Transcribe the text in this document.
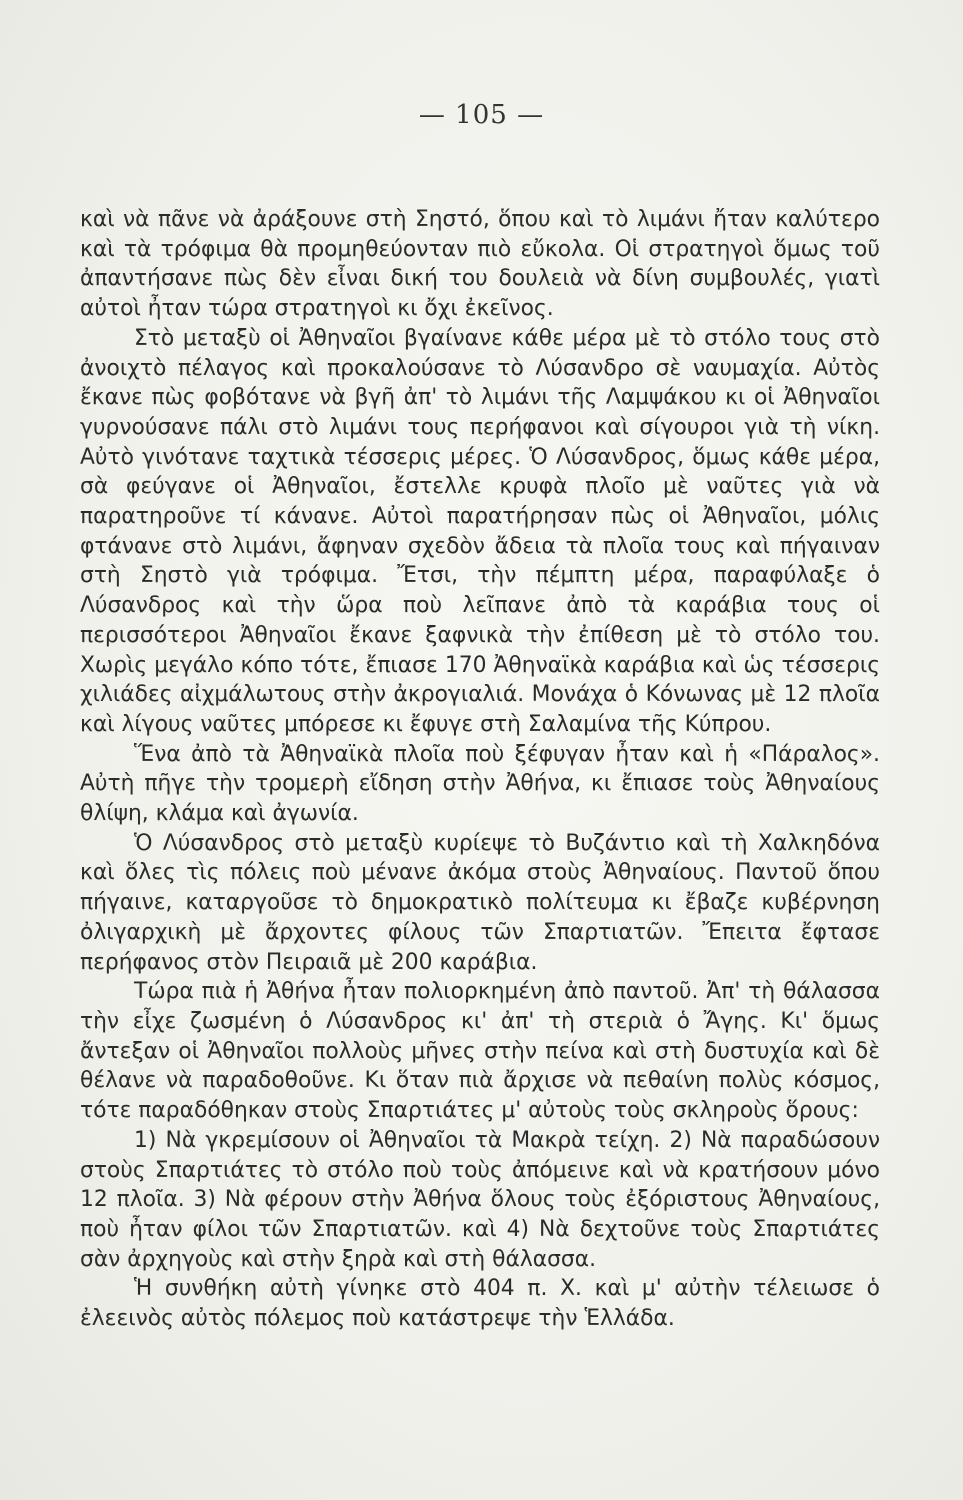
— 105 —

καὶ νὰ πᾶνε νὰ ἀράξουνε στὴ Σηστό, ὅπου καὶ τὸ λιμάνι ἤταν καλύτερο καὶ τὰ τρόφιμα θὰ προμηθεύονταν πιὸ εὔκολα. Οἱ στρατηγοὶ ὅμως τοῦ ἀπαντήσανε πὼς δὲν εἶναι δική του δουλειὰ νὰ δίνη συμβουλές, γιατὶ αὐτοὶ ἦταν τώρα στρατηγοὶ κι ὄχι ἐκεῖνος.

Στὸ μεταξὺ οἱ Ἀθηναῖοι βγαίνανε κάθε μέρα μὲ τὸ στόλο τους στὸ ἀνοιχτὸ πέλαγος καὶ προκαλούσανε τὸ Λύσανδρο σὲ ναυμαχία. Αὐτὸς ἔκανε πὼς φοβότανε νὰ βγῆ ἀπ' τὸ λιμάνι τῆς Λαμψάκου κι οἱ Ἀθηναῖοι γυρνούσανε πάλι στὸ λιμάνι τους περήφανοι καὶ σίγουροι γιὰ τὴ νίκη. Αὐτὸ γινότανε ταχτικὰ τέσσερις μέρες. Ὁ Λύσανδρος, ὅμως κάθε μέρα, σὰ φεύγανε οἱ Ἀθηναῖοι, ἔστελλε κρυφὰ πλοῖο μὲ ναῦτες γιὰ νὰ παρατηροῦνε τί κάνανε. Αὐτοὶ παρατήρησαν πὼς οἱ Ἀθηναῖοι, μόλις φτάνανε στὸ λιμάνι, ἄφηναν σχεδὸν ἄδεια τὰ πλοῖα τους καὶ πήγαιναν στὴ Σηστὸ γιὰ τρόφιμα. Ἔτσι, τὴν πέμπτη μέρα, παραφύλαξε ὁ Λύσανδρος καὶ τὴν ὥρα ποὺ λεῖπανε ἀπὸ τὰ καράβια τους οἱ περισσότεροι Ἀθηναῖοι ἔκανε ξαφνικὰ τὴν ἐπίθεση μὲ τὸ στόλο του. Χωρὶς μεγάλο κόπο τότε, ἔπιασε 170 Ἀθηναϊκὰ καράβια καὶ ὡς τέσσερις χιλιάδες αἰχμάλωτους στὴν ἀκρογιαλιά. Μονάχα ὁ Κόνωνας μὲ 12 πλοῖα καὶ λίγους ναῦτες μπόρεσε κι ἔφυγε στὴ Σαλαμίνα τῆς Κύπρου.

Ἕνα ἀπὸ τὰ Ἀθηναϊκὰ πλοῖα ποὺ ξέφυγαν ἦταν καὶ ἡ «Πάραλος». Αὐτὴ πῆγε τὴν τρομερὴ εἴδηση στὴν Ἀθήνα, κι ἔπιασε τοὺς Ἀθηναίους θλίψη, κλάμα καὶ ἀγωνία.

Ὁ Λύσανδρος στὸ μεταξὺ κυρίεψε τὸ Βυζάντιο καὶ τὴ Χαλκηδόνα καὶ ὅλες τὶς πόλεις ποὺ μένανε ἀκόμα στοὺς Ἀθηναίους. Παντοῦ ὅπου πήγαινε, καταργοῦσε τὸ δημοκρατικὸ πολίτευμα κι ἔβαζε κυβέρνηση ὀλιγαρχικὴ μὲ ἄρχοντες φίλους τῶν Σπαρτιατῶν. Ἔπειτα ἔφτασε περήφανος στὸν Πειραιᾶ μὲ 200 καράβια.

Τώρα πιὰ ἡ Ἀθήνα ἦταν πολιορκημένη ἀπὸ παντοῦ. Ἀπ' τὴ θάλασσα τὴν εἶχε ζωσμένη ὁ Λύσανδρος κι' ἀπ' τὴ στεριὰ ὁ Ἄγης. Κι' ὅμως ἄντεξαν οἱ Ἀθηναῖοι πολλοὺς μῆνες στὴν πείνα καὶ στὴ δυστυχία καὶ δὲ θέλανε νὰ παραδοθοῦνε. Κι ὅταν πιὰ ἄρχισε νὰ πεθαίνη πολὺς κόσμος, τότε παραδόθηκαν στοὺς Σπαρτιάτες μ' αὐτοὺς τοὺς σκληροὺς ὅρους:

1) Νὰ γκρεμίσουν οἱ Ἀθηναῖοι τὰ Μακρὰ τείχη. 2) Νὰ παραδώσουν στοὺς Σπαρτιάτες τὸ στόλο ποὺ τοὺς ἀπόμεινε καὶ νὰ κρατήσουν μόνο 12 πλοῖα. 3) Νὰ φέρουν στὴν Ἀθήνα ὅλους τοὺς ἐξόριστους Ἀθηναίους, ποὺ ἦταν φίλοι τῶν Σπαρτιατῶν. καὶ 4) Νὰ δεχτοῦνε τοὺς Σπαρτιάτες σὰν ἀρχηγοὺς καὶ στὴν ξηρὰ καὶ στὴ θάλασσα.

Ἡ συνθήκη αὐτὴ γίνηκε στὸ 404 π. Χ. καὶ μ' αὐτὴν τέλειωσε ὁ ἐλεεινὸς αὐτὸς πόλεμος ποὺ κατάστρεψε τὴν Ἑλλάδα.
